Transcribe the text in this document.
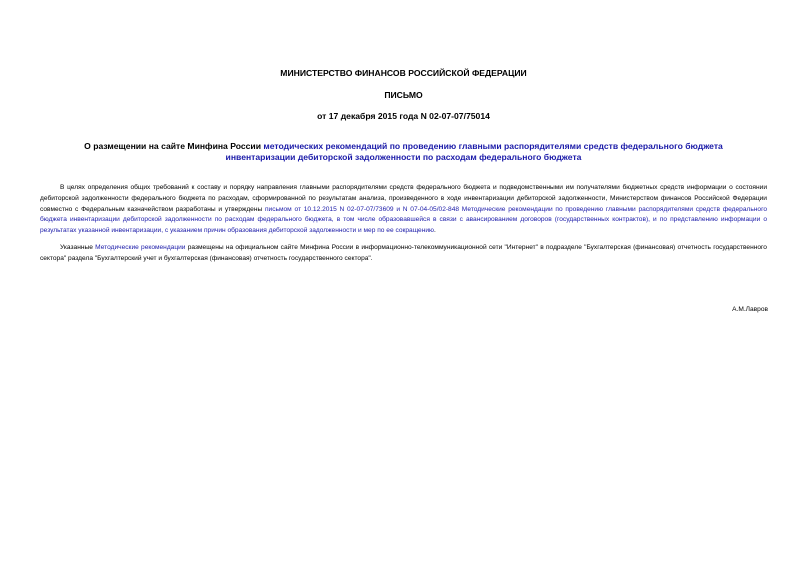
МИНИСТЕРСТВО ФИНАНСОВ РОССИЙСКОЙ ФЕДЕРАЦИИ
ПИСЬМО
от 17 декабря 2015 года N 02-07-07/75014
О размещении на сайте Минфина России методических рекомендаций по проведению главными распорядителями средств федерального бюджета инвентаризации дебиторской задолженности по расходам федерального бюджета
В целях определения общих требований к составу и порядку направления главными распорядителями средств федерального бюджета и подведомственными им получателями бюджетных средств информации о состоянии дебиторской задолженности федерального бюджета по расходам, сформированной по результатам анализа, произведенного в ходе инвентаризации дебиторской задолженности, Министерством финансов Российской Федерации совместно с Федеральным казначейством разработаны и утверждены письмом от 10.12.2015 N 02-07-07/73609 и N 07-04-05/02-848 Методические рекомендации по проведению главными распорядителями средств федерального бюджета инвентаризации дебиторской задолженности по расходам федерального бюджета, в том числе образовавшейся в связи с авансированием договоров (государственных контрактов), и по представлению информации о результатах указанной инвентаризации, с указанием причин образования дебиторской задолженности и мер по ее сокращению.
Указанные Методические рекомендации размещены на официальном сайте Минфина России в информационно-телекоммуникационной сети "Интернет" в подразделе "Бухгалтерская (финансовая) отчетность государственного сектора" раздела "Бухгалтерский учет и бухгалтерская (финансовая) отчетность государственного сектора".
А.М.Лавров
